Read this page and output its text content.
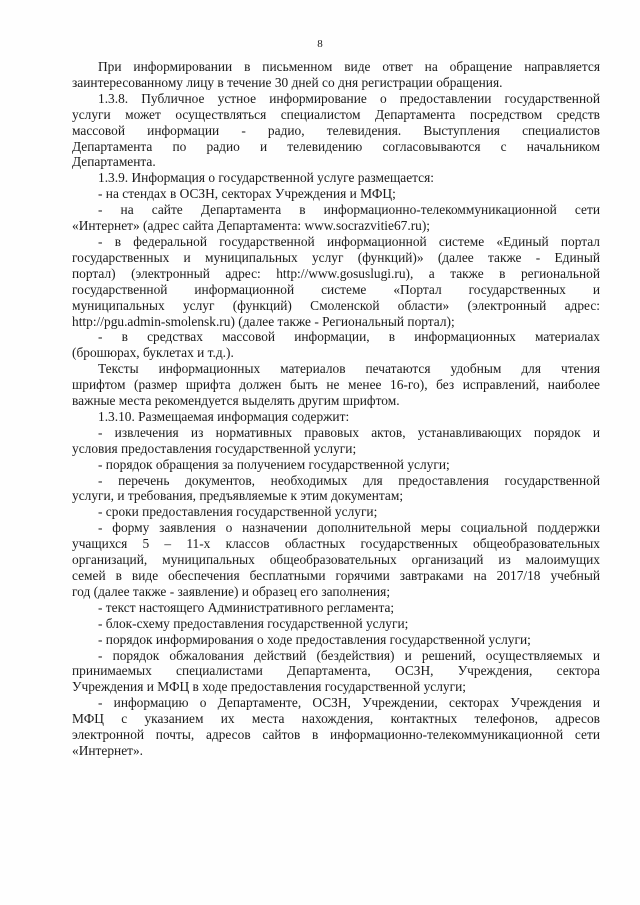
8
При информировании в письменном виде ответ на обращение направляется
заинтересованному лицу в течение 30 дней со дня регистрации обращения.
1.3.8. Публичное устное информирование о предоставлении государственной
услуги может осуществляться специалистом Департамента посредством средств
массовой информации - радио, телевидения. Выступления специалистов
Департамента по радио и телевидению согласовываются с начальником
Департамента.
1.3.9. Информация о государственной услуге размещается:
- на стендах в ОСЗН, секторах Учреждения и МФЦ;
- на сайте Департамента в информационно-телекоммуникационной сети
«Интернет» (адрес сайта Департамента: www.socrazvitie67.ru);
- в федеральной государственной информационной системе «Единый портал
государственных и муниципальных услуг (функций)» (далее также - Единый
портал) (электронный адрес: http://www.gosuslugi.ru), а также в региональной
государственной информационной системе «Портал государственных и
муниципальных услуг (функций) Смоленской области» (электронный адрес:
http://pgu.admin-smolensk.ru) (далее также - Региональный портал);
- в средствах массовой информации, в информационных материалах
(брошюрах, буклетах и т.д.).
Тексты информационных материалов печатаются удобным для чтения
шрифтом (размер шрифта должен быть не менее 16-го), без исправлений, наиболее
важные места рекомендуется выделять другим шрифтом.
1.3.10. Размещаемая информация содержит:
- извлечения из нормативных правовых актов, устанавливающих порядок и
условия предоставления государственной услуги;
- порядок обращения за получением государственной услуги;
- перечень документов, необходимых для предоставления государственной
услуги, и требования, предъявляемые к этим документам;
- сроки предоставления государственной услуги;
- форму заявления о назначении дополнительной меры социальной поддержки
учащихся 5 – 11-х классов областных государственных общеобразовательных
организаций, муниципальных общеобразовательных организаций из малоимущих
семей в виде обеспечения бесплатными горячими завтраками на 2017/18 учебный
год (далее также - заявление) и образец его заполнения;
- текст настоящего Административного регламента;
- блок-схему предоставления государственной услуги;
- порядок информирования о ходе предоставления государственной услуги;
- порядок обжалования действий (бездействия) и решений, осуществляемых и
принимаемых специалистами Департамента, ОСЗН, Учреждения, сектора
Учреждения и МФЦ в ходе предоставления государственной услуги;
- информацию о Департаменте, ОСЗН, Учреждении, секторах Учреждения и
МФЦ с указанием их места нахождения, контактных телефонов, адресов
электронной почты, адресов сайтов в информационно-телекоммуникационной сети
«Интернет».
